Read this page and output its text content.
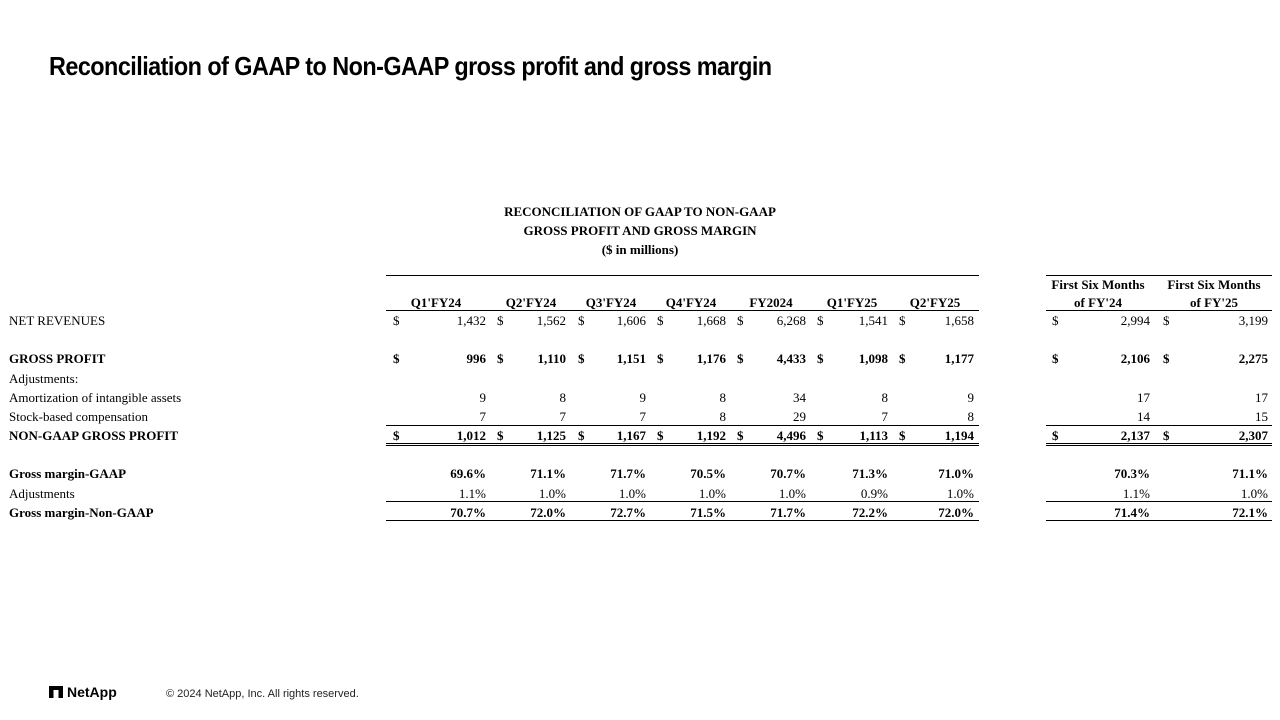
Reconciliation of GAAP to Non-GAAP gross profit and gross margin
RECONCILIATION OF GAAP TO NON-GAAP
GROSS PROFIT AND GROSS MARGIN
($ in millions)
Q1'FY24	Q2'FY24	Q3'FY24	Q4'FY24	FY2024	Q1'FY25	Q2'FY25
First Six Months
of FY'24
First Six Months
of FY'25
NET REVENUES	$	1,432 $	1,562 $	1,606 $	1,668 $	6,268 $	1,541 $	1,658	$	2,994 $	3,199
GROSS PROFIT	$	996 $	1,110 $	1,151 $	1,176 $	4,433 $	1,098 $	1,177	$	2,106 $	2,275
Adjustments:
Amortization of intangible assets	9	8	9	8	34	8	9	17	17
Stock-based compensation	7	7	7	8	29	7	8	14	15
NON-GAAP GROSS PROFIT	$	1,012 $	1,125 $	1,167 $	1,192 $	4,496 $	1,113 $	1,194	$	2,137 $	2,307
Gross margin-GAAP	69.6%	71.1%	71.7%	70.5%	70.7%	71.3%	71.0%	70.3%	71.1%
Adjustments	1.1%	1.0%	1.0%	1.0%	1.0%	0.9%	1.0%	1.1%	1.0%
Gross margin-Non-GAAP	70.7%	72.0%	72.7%	71.5%	71.7%	72.2%	72.0%	71.4%	72.1%
NetApp	© 2024 NetApp, Inc. All rights reserved.
